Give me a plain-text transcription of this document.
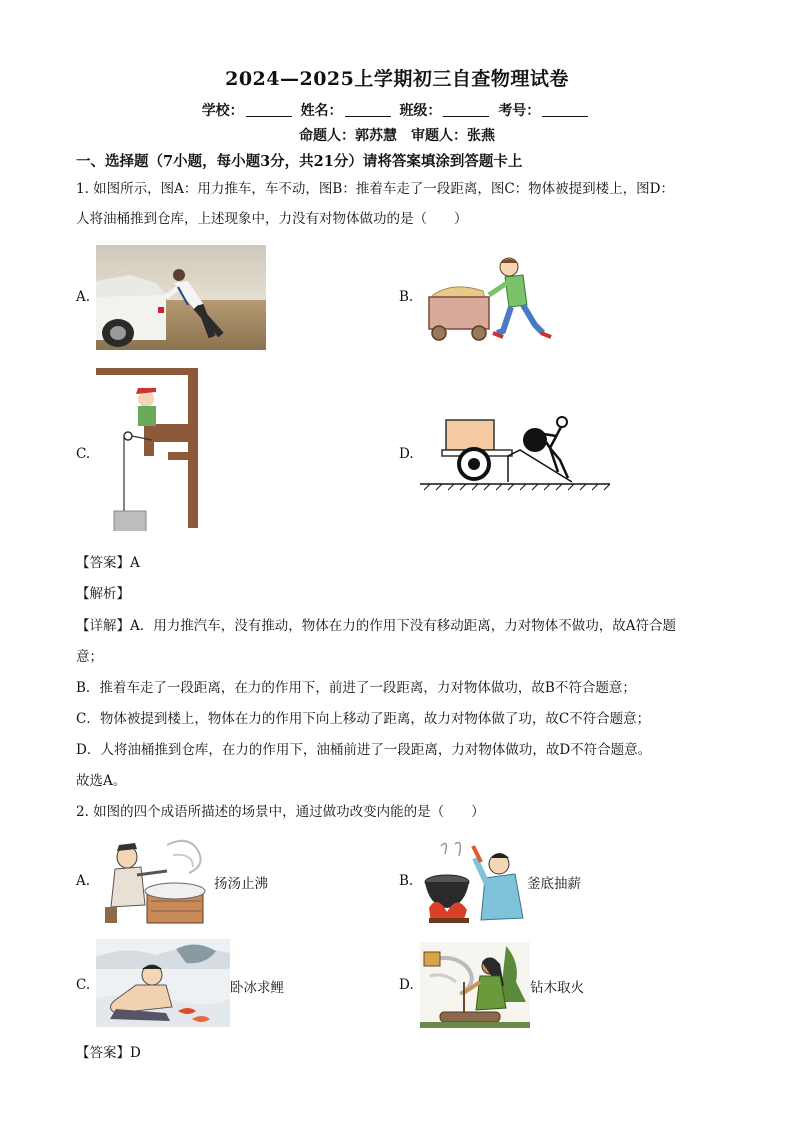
2024—2025上学期初三自查物理试卷
学校：	姓名：	班级：	考号：
命题人：郭苏慧　审题人：张燕
一、选择题（7小题，每小题3分，共21分）请将答案填涂到答题卡上
1. 如图所示，图A：用力推车，车不动，图B：推着车走了一段距离，图C：物体被提到楼上，图D：
人将油桶推到仓库，上述现象中，力没有对物体做功的是（　　）
A.	B.
C.	D.
【答案】A
【解析】
【详解】A．用力推汽车，没有推动，物体在力的作用下没有移动距离，力对物体不做功，故A符合题
意；
B．推着车走了一段距离，在力的作用下，前进了一段距离，力对物体做功，故B不符合题意；
C．物体被提到楼上，物体在力的作用下向上移动了距离，故力对物体做了功，故C不符合题意；
D．人将油桶推到仓库，在力的作用下，油桶前进了一段距离，力对物体做功，故D不符合题意。
故选A。
2. 如图的四个成语所描述的场景中，通过做功改变内能的是（　　）
A.	扬汤止沸	B.	釜底抽薪
C.	卧冰求鲤	D.	钻木取火
【答案】D
